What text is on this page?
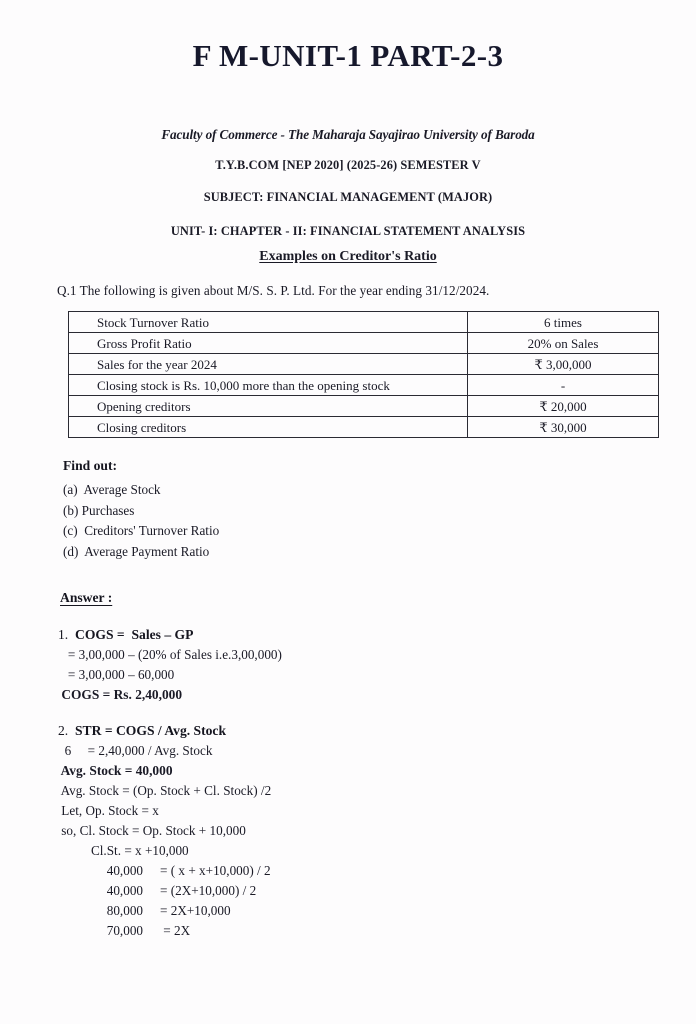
F M-UNIT-1 PART-2-3
Faculty of Commerce - The Maharaja Sayajirao University of Baroda
T.Y.B.COM [NEP 2020] (2025-26) SEMESTER V
SUBJECT: FINANCIAL MANAGEMENT (MAJOR)
UNIT- I: CHAPTER - II: FINANCIAL STATEMENT ANALYSIS
Examples on Creditor's Ratio
Q.1 The following is given about M/S. S. P. Ltd. For the year ending 31/12/2024.
Stock Turnover Ratio	6 times
Gross Profit Ratio	20% on Sales
Sales for the year 2024	₹ 3,00,000
Closing stock is Rs. 10,000 more than the opening stock	-
Opening creditors	₹ 20,000
Closing creditors	₹ 30,000
Find out:
(a)  Average Stock
(b) Purchases
(c)  Creditors' Turnover Ratio
(d)  Average Payment Ratio
Answer :
1. COGS =  Sales – GP
= 3,00,000 – (20% of Sales i.e.3,00,000)
= 3,00,000 – 60,000
COGS = Rs. 2,40,000
2. STR = COGS / Avg. Stock
6     = 2,40,000 / Avg. Stock
Avg. Stock = 40,000
Avg. Stock = (Op. Stock + Cl. Stock) /2
Let, Op. Stock = x
so, Cl. Stock = Op. Stock + 10,000
Cl.St. = x +10,000
40,000	= ( x + x+10,000) / 2
40,000	= (2X+10,000) / 2
80,000	= 2X+10,000
70,000	= 2X
